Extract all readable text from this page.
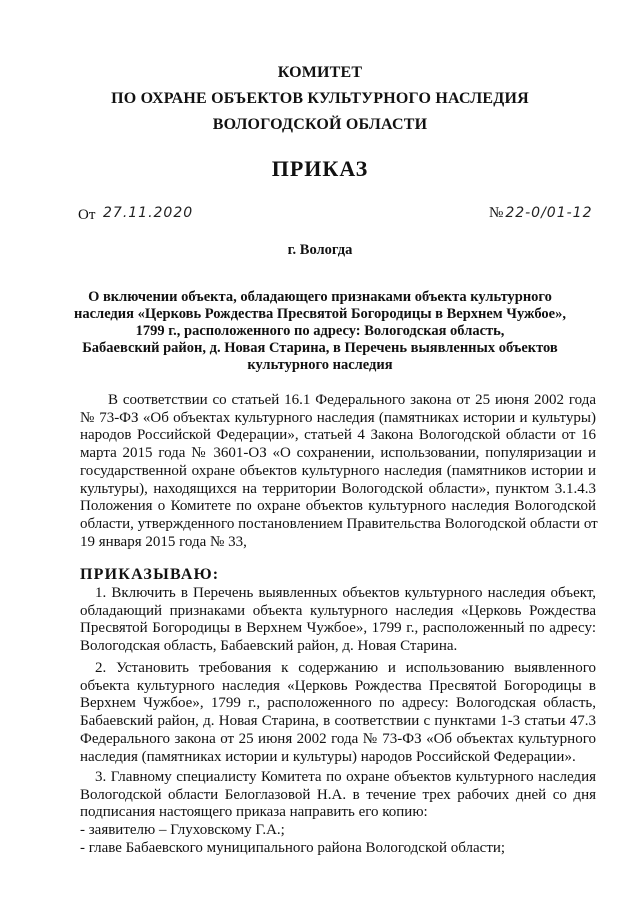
КОМИТЕТ
ПО ОХРАНЕ ОБЪЕКТОВ КУЛЬТУРНОГО НАСЛЕДИЯ
ВОЛОГОДСКОЙ ОБЛАСТИ
ПРИКАЗ
От 27.11.2020	№ 22-0/01-12
г. Вологда
О включении объекта, обладающего признаками объекта культурного
наследия «Церковь Рождества Пресвятой Богородицы в Верхнем Чужбое»,
1799 г., расположенного по адресу: Вологодская область,
Бабаевский район, д. Новая Старина, в Перечень выявленных объектов
культурного наследия
В соответствии со статьей 16.1 Федерального закона от 25 июня 2002 года
№ 73-ФЗ «Об объектах культурного наследия (памятниках истории и культуры)
народов Российской Федерации», статьей 4 Закона Вологодской области от 16
марта 2015 года № 3601-ОЗ «О сохранении, использовании, популяризации и
государственной охране объектов культурного наследия (памятников истории и
культуры), находящихся на территории Вологодской области», пунктом 3.1.4.3
Положения о Комитете по охране объектов культурного наследия Вологодской
области, утвержденного постановлением Правительства Вологодской области от
19 января 2015 года № 33,
ПРИКАЗЫВАЮ:
1. Включить в Перечень выявленных объектов культурного наследия объект,
обладающий признаками объекта культурного наследия «Церковь Рождества
Пресвятой Богородицы в Верхнем Чужбое», 1799 г., расположенный по адресу:
Вологодская область, Бабаевский район, д. Новая Старина.
2. Установить требования к содержанию и использованию выявленного
объекта культурного наследия «Церковь Рождества Пресвятой Богородицы в
Верхнем Чужбое», 1799 г., расположенного по адресу: Вологодская область,
Бабаевский район, д. Новая Старина, в соответствии с пунктами 1-3 статьи 47.3
Федерального закона от 25 июня 2002 года № 73-ФЗ «Об объектах культурного
наследия (памятниках истории и культуры) народов Российской Федерации».
3. Главному специалисту Комитета по охране объектов культурного наследия
Вологодской области Белоглазовой Н.А. в течение трех рабочих дней со дня
подписания настоящего приказа направить его копию:
- заявителю – Глуховскому Г.А.;
- главе Бабаевского муниципального района Вологодской области;
